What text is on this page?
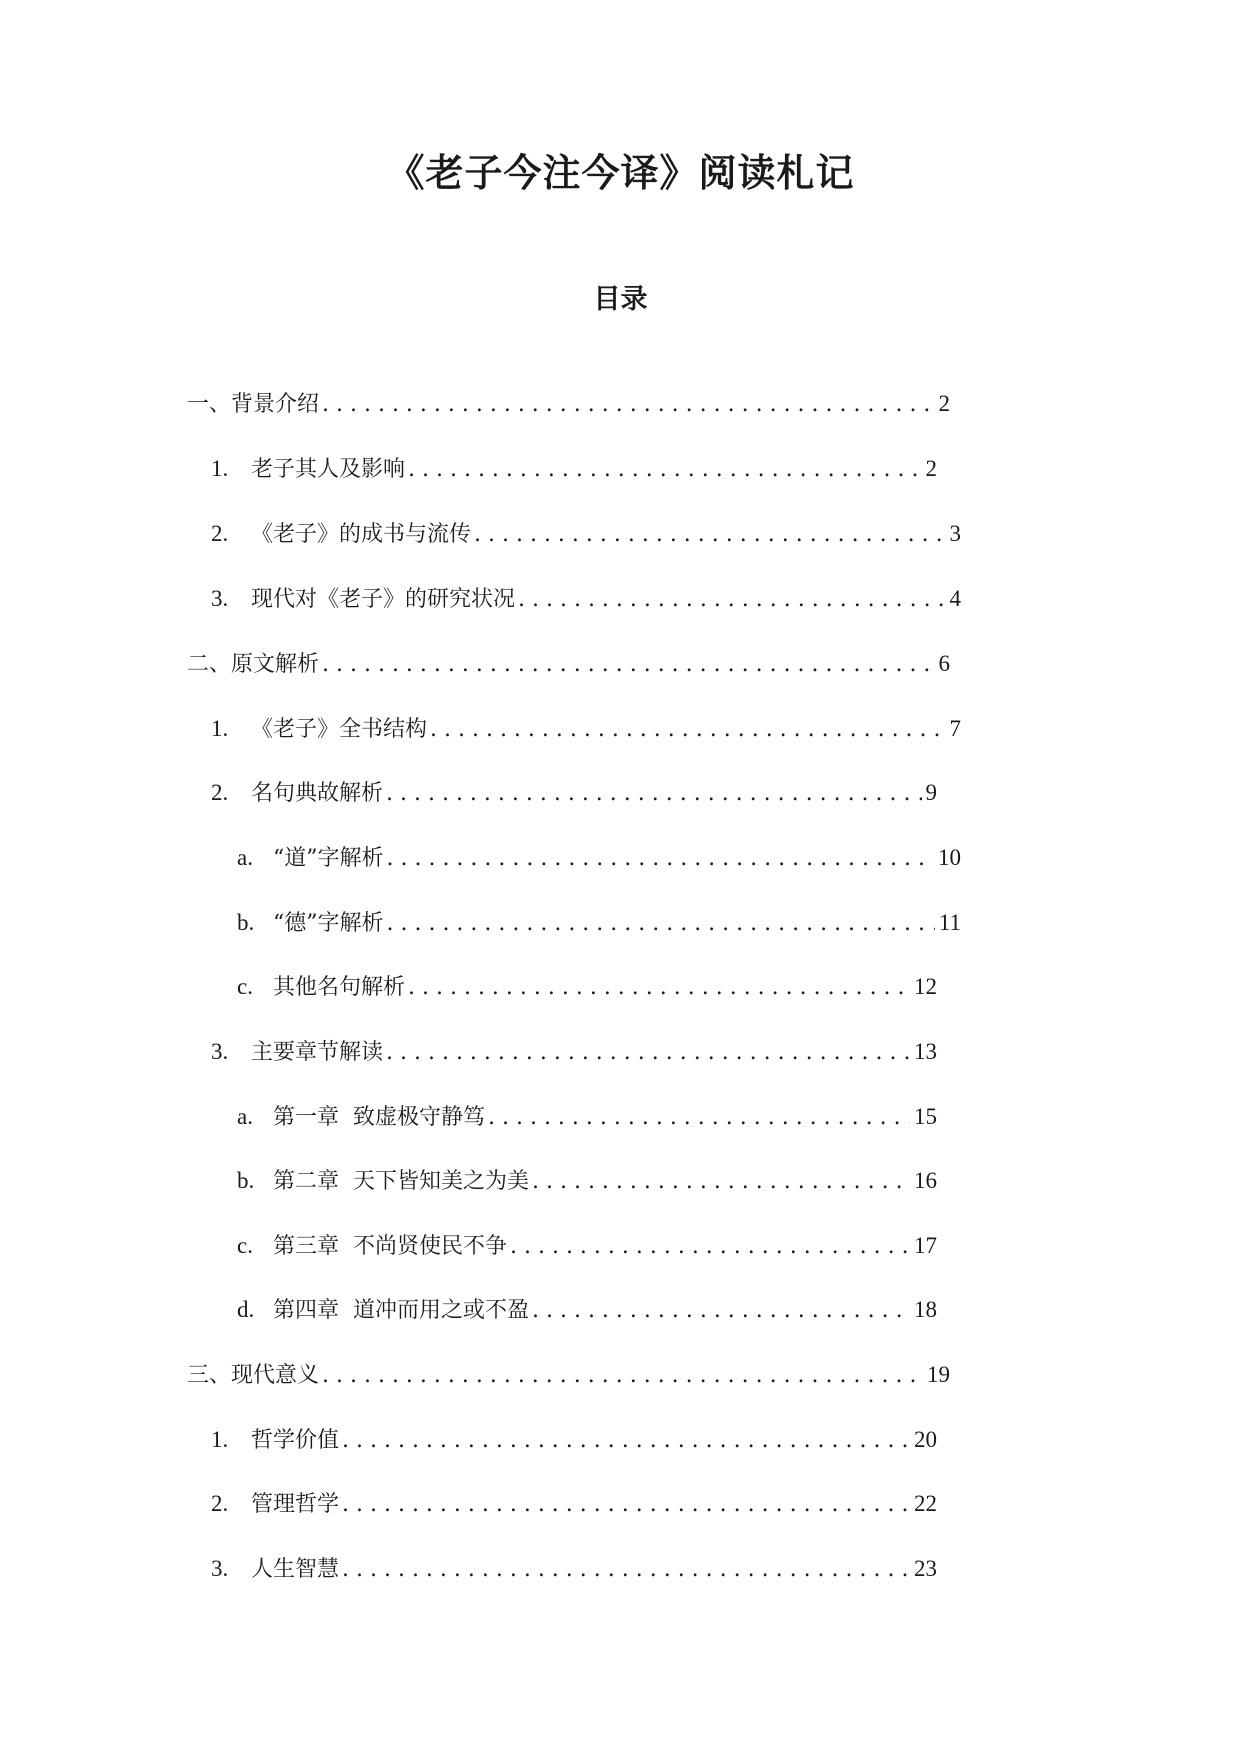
《老子今注今译》阅读札记
目录
一、背景介绍 . . .	2
1.	老子其人及影响 . . .	2
2.	《老子》的成书与流传 . . .	3
3.	现代对《老子》的研究状况 . . .	4
二、原文解析 . . .	6
1.	《老子》全书结构 . . .	7
2.	名句典故解析 . . .	9
a. “道”字解析 . . .	10
b. “德”字解析 . . .	11
c. 其他名句解析 . . .	12
3.	主要章节解读 . . .	13
a. 第一章  致虚极守静笃 . . .	15
b. 第二章  天下皆知美之为美 . . .	16
c. 第三章  不尚贤使民不争 . . .	17
d. 第四章  道冲而用之或不盈 . . .	18
三、现代意义 . . .	19
1.	哲学价值 . . .	20
2.	管理哲学 . . .	22
3.	人生智慧 . . .	23
